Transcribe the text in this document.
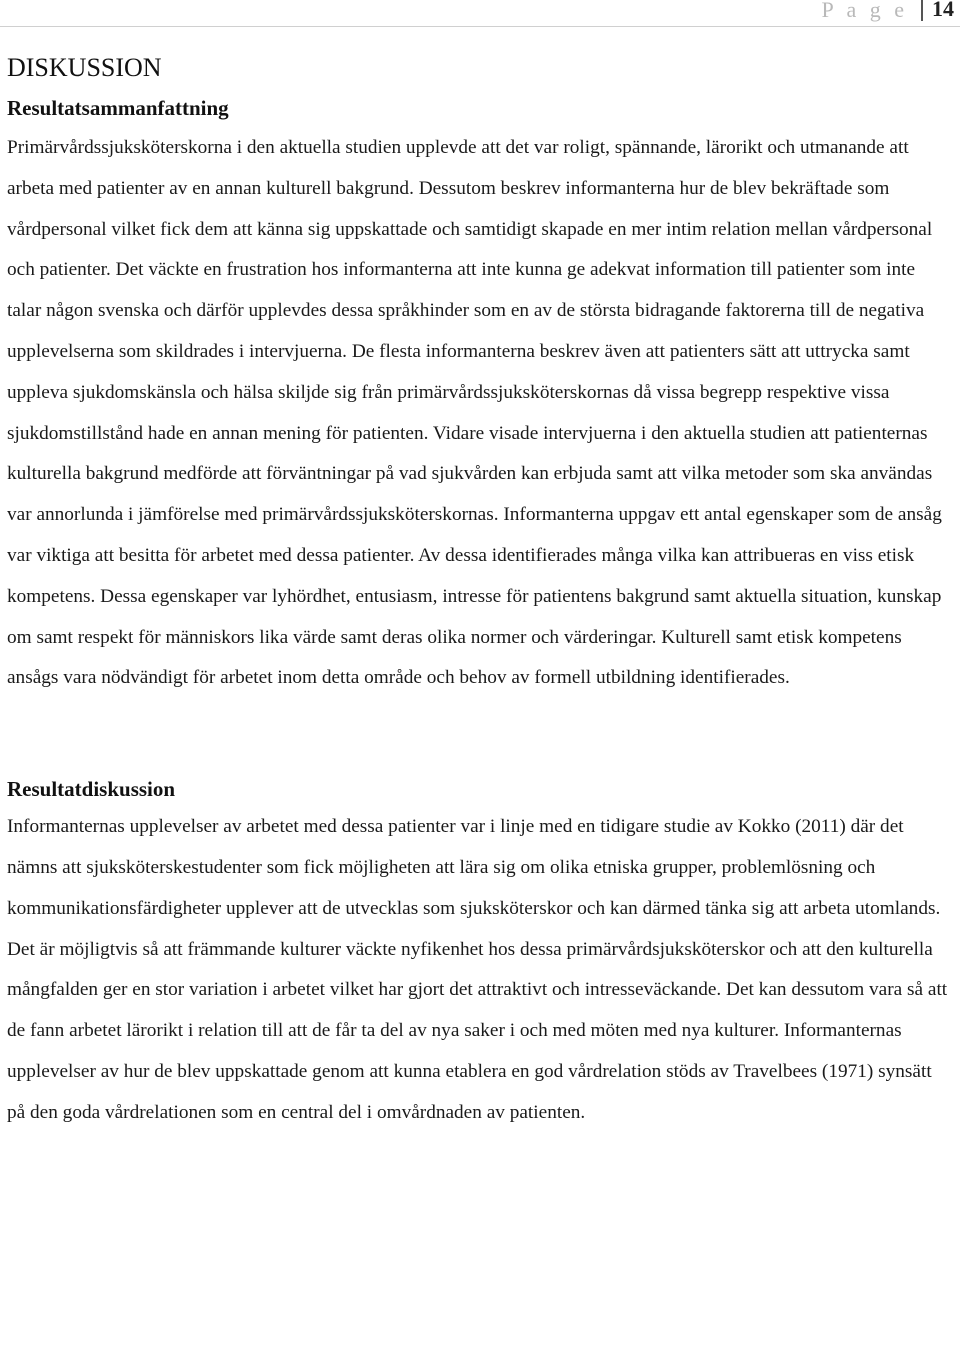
P a g e	14
DISKUSSION
Resultatsammanfattning

Primärvårdssjuksköterskorna i den aktuella studien upplevde att det var roligt, spännande, lärorikt och utmanande att arbeta med patienter av en annan kulturell bakgrund. Dessutom beskrev informanterna hur de blev bekräftade som vårdpersonal vilket fick dem att känna sig uppskattade och samtidigt skapade en mer intim relation mellan vårdpersonal och patienter. Det väckte en frustration hos informanterna att inte kunna ge adekvat information till patienter som inte talar någon svenska och därför upplevdes dessa språkhinder som en av de största bidragande faktorerna till de negativa upplevelserna som skildrades i intervjuerna. De flesta informanterna beskrev även att patienters sätt att uttrycka samt uppleva sjukdomskänsla och hälsa skiljde sig från primärvårdssjuksköterskornas då vissa begrepp respektive vissa sjukdomstillstånd hade en annan mening för patienten. Vidare visade intervjuerna i den aktuella studien att patienternas kulturella bakgrund medförde att förväntningar på vad sjukvården kan erbjuda samt att vilka metoder som ska användas var annorlunda i jämförelse med primärvårdssjuksköterskornas. Informanterna uppgav ett antal egenskaper som de ansåg var viktiga att besitta för arbetet med dessa patienter. Av dessa identifierades många vilka kan attribueras en viss etisk kompetens. Dessa egenskaper var lyhördhet, entusiasm, intresse för patientens bakgrund samt aktuella situation, kunskap om samt respekt för människors lika värde samt deras olika normer och värderingar. Kulturell samt etisk kompetens ansågs vara nödvändigt för arbetet inom detta område och behov av formell utbildning identifierades.

Resultatdiskussion

Informanternas upplevelser av arbetet med dessa patienter var i linje med en tidigare studie av Kokko (2011) där det nämns att sjuksköterskestudenter som fick möjligheten att lära sig om olika etniska grupper, problemlösning och kommunikationsfärdigheter upplever att de utvecklas som sjuksköterskor och kan därmed tänka sig att arbeta utomlands. Det är möjligtvis så att främmande kulturer väckte nyfikenhet hos dessa primärvårdsjuksköterskor och att den kulturella mångfalden ger en stor variation i arbetet vilket har gjort det attraktivt och intresseväckande. Det kan dessutom vara så att de fann arbetet lärorikt i relation till att de får ta del av nya saker i och med möten med nya kulturer. Informanternas upplevelser av hur de blev uppskattade genom att kunna etablera en god vårdrelation stöds av Travelbees (1971) synsätt på den goda vårdrelationen som en central del i omvårdnaden av patienten.
